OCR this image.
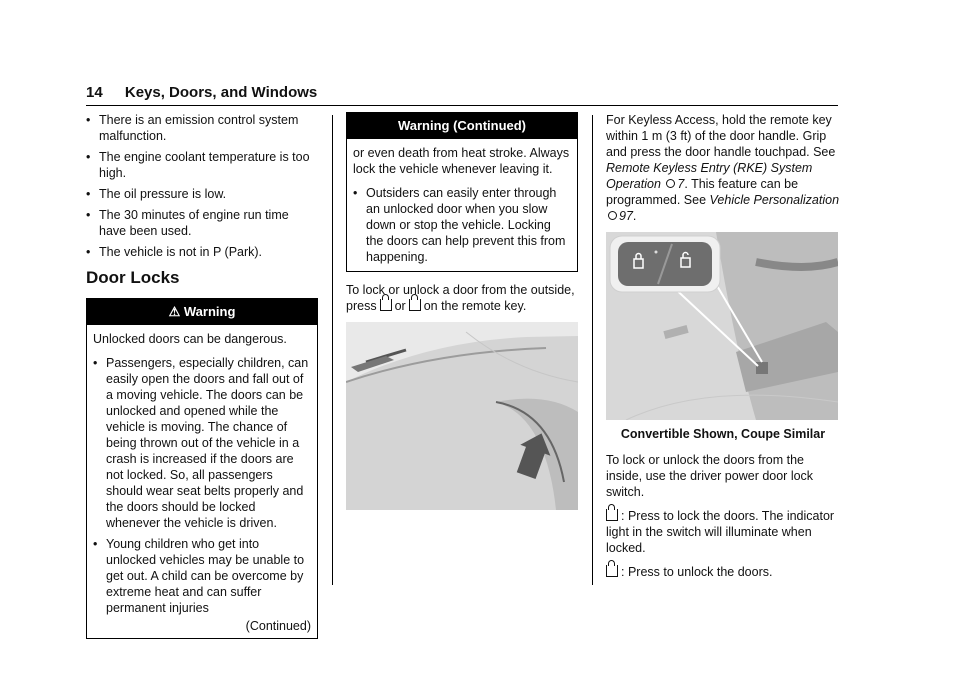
14 Keys, Doors, and Windows
• There is an emission control system malfunction.
• The engine coolant temperature is too high.
• The oil pressure is low.
• The 30 minutes of engine run time have been used.
• The vehicle is not in P (Park).
Door Locks
⚠ Warning

Unlocked doors can be dangerous.

• Passengers, especially children, can easily open the doors and fall out of a moving vehicle. The doors can be unlocked and opened while the vehicle is moving. The chance of being thrown out of the vehicle in a crash is increased if the doors are not locked. So, all passengers should wear seat belts properly and the doors should be locked whenever the vehicle is driven.
• Young children who get into unlocked vehicles may be unable to get out. A child can be overcome by extreme heat and can suffer permanent injuries
(Continued)
Warning (Continued)

or even death from heat stroke. Always lock the vehicle whenever leaving it.

• Outsiders can easily enter through an unlocked door when you slow down or stop the vehicle. Locking the doors can help prevent this from happening.

To lock or unlock a door from the outside,
press or on the remote key.

For Keyless Access, hold the remote key within 1 m (3 ft) of the door handle. Grip and press the door handle touchpad. See Remote Keyless Entry (RKE) System Operation 7. This feature can be programmed. See Vehicle Personalization
97.

Convertible Shown, Coupe Similar

To lock or unlock the doors from the inside, use the driver power door lock switch.

: Press to lock the doors. The indicator light in the switch will illuminate when locked.

: Press to unlock the doors.
